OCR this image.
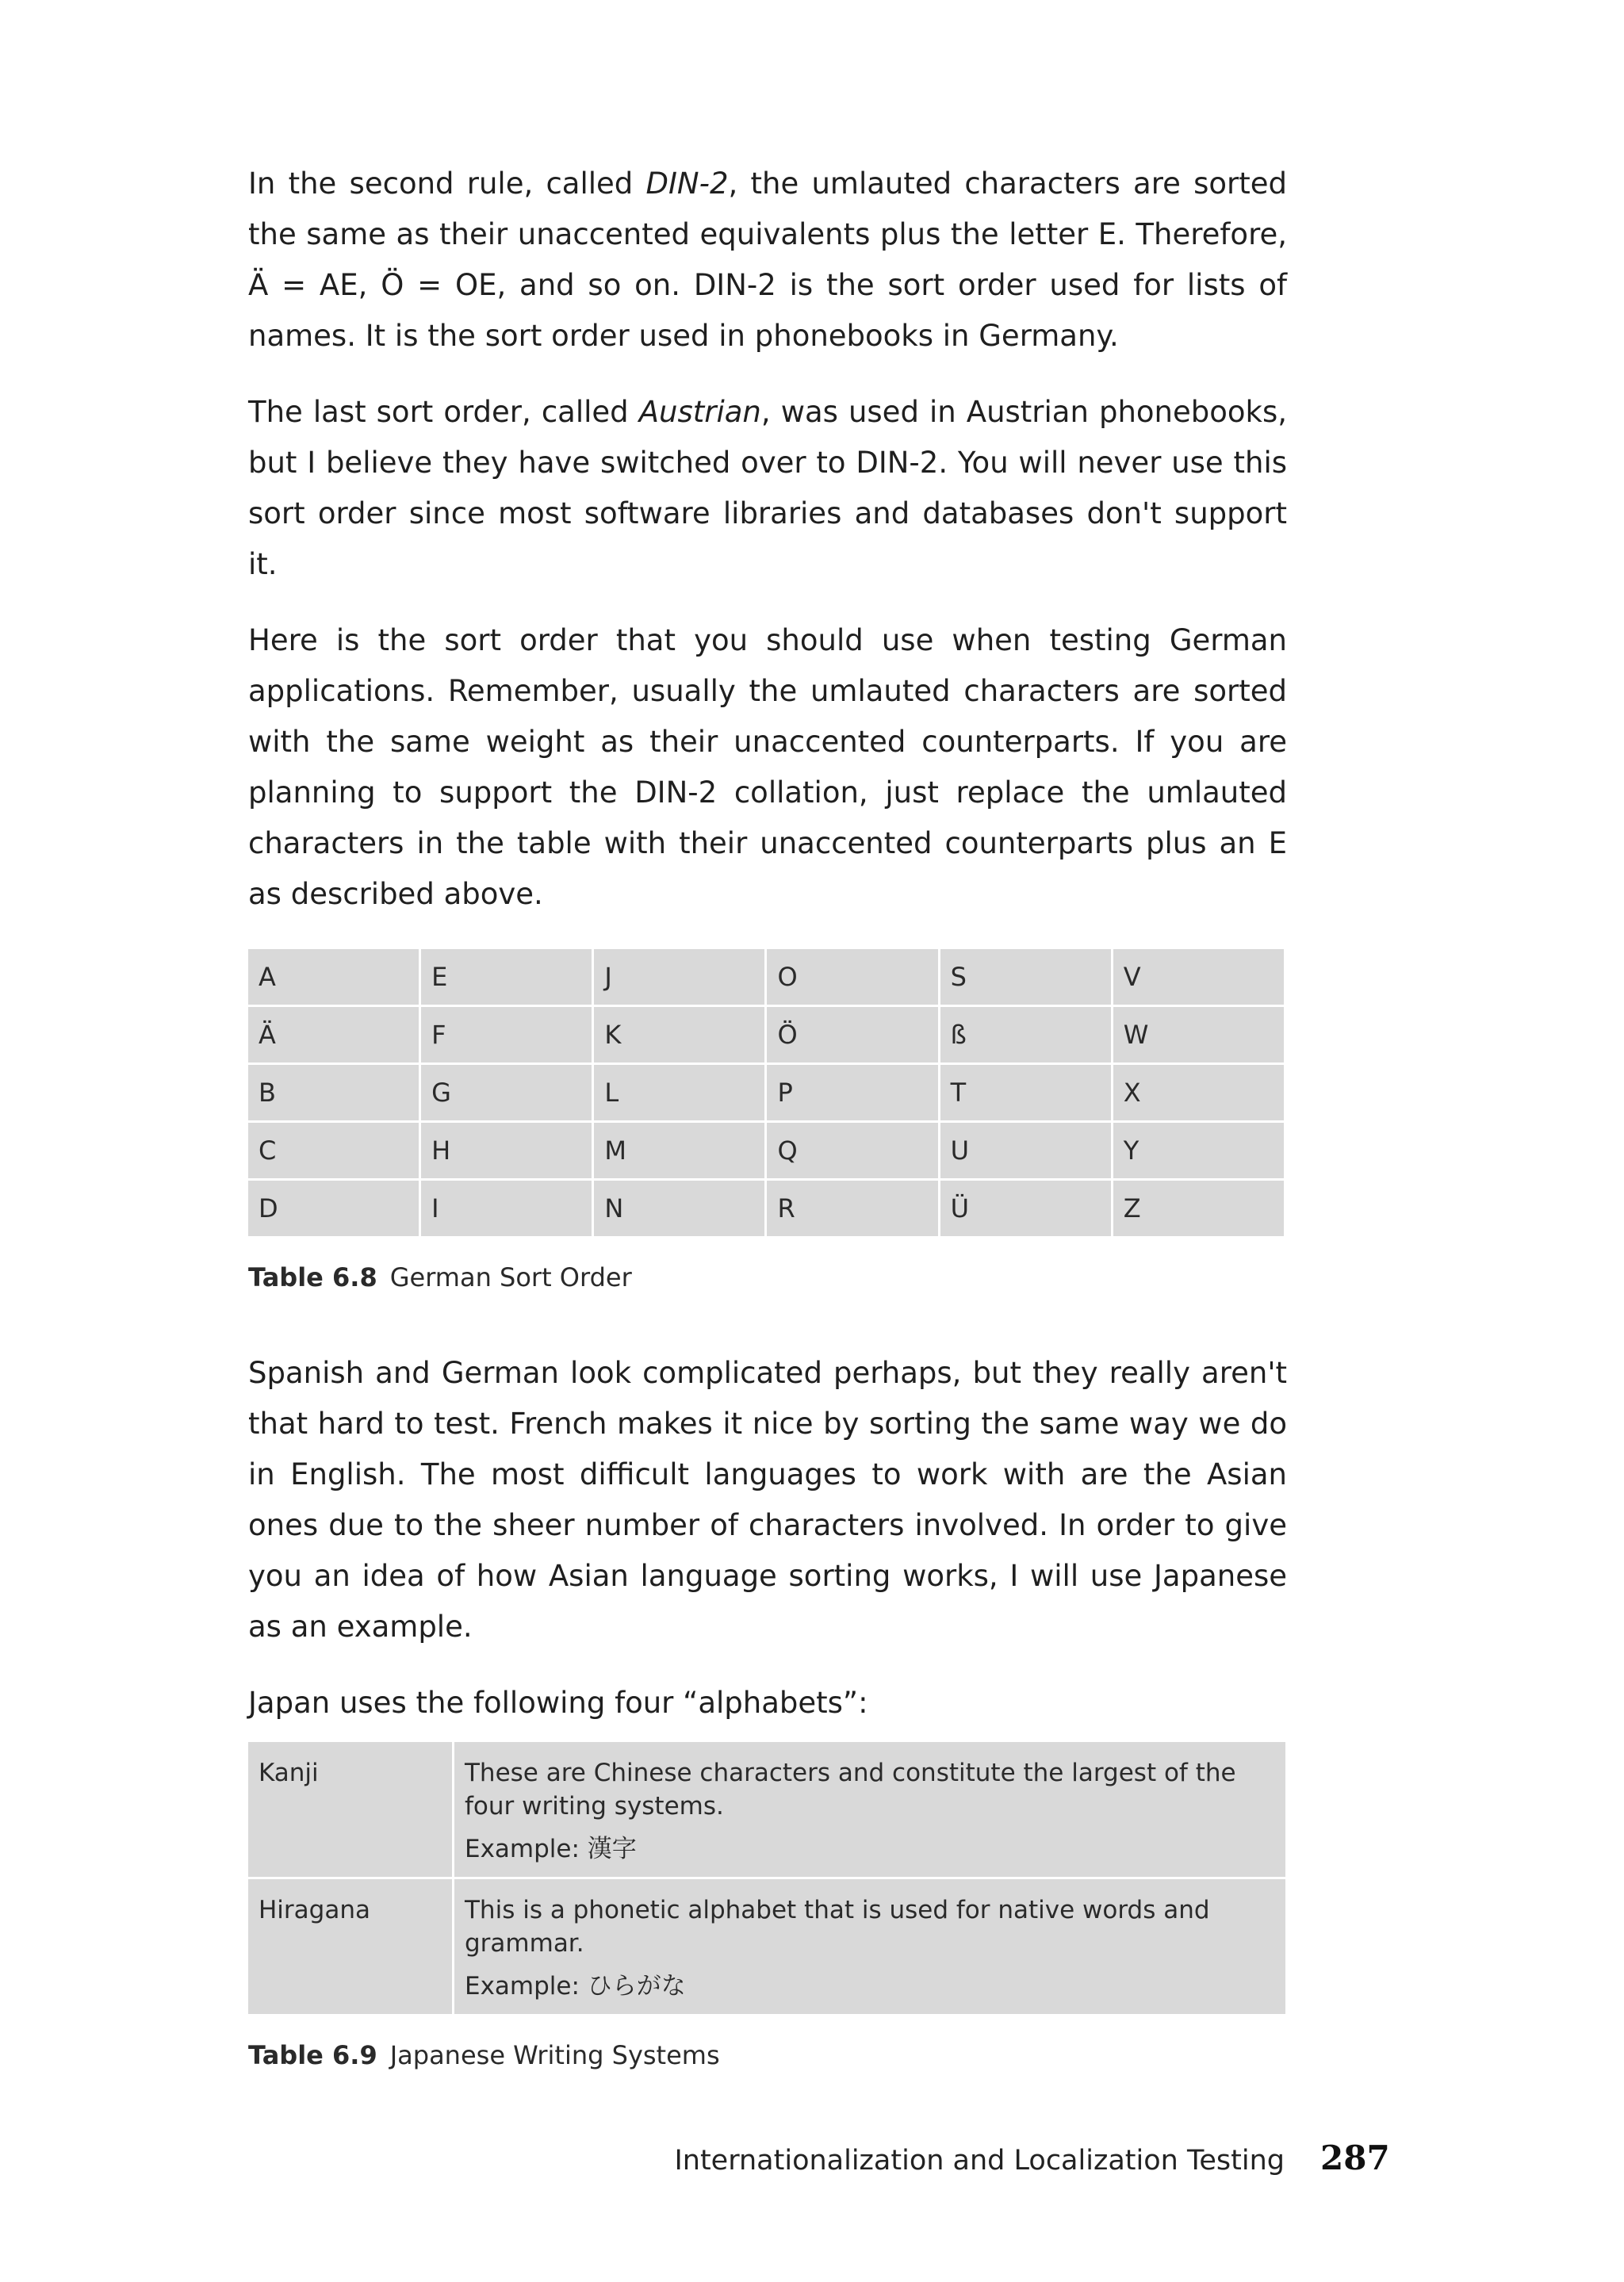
In the second rule, called DIN-2, the umlauted characters are sorted the same as their unaccented equivalents plus the letter E. Therefore, Ä = AE, Ö = OE, and so on. DIN-2 is the sort order used for lists of names. It is the sort order used in phonebooks in Germany.

The last sort order, called Austrian, was used in Austrian phonebooks, but I believe they have switched over to DIN-2. You will never use this sort order since most software libraries and databases don't support it.

Here is the sort order that you should use when testing German applications. Remember, usually the umlauted characters are sorted with the same weight as their unaccented counterparts. If you are planning to support the DIN-2 collation, just replace the umlauted characters in the table with their unaccented counterparts plus an E as described above.

A	E	J	O	S	V
Ä	F	K	Ö	ß	W
B	G	L	P	T	X
C	H	M	Q	U	Y
D	I	N	R	Ü	Z
Table 6.8 German Sort Order

Spanish and German look complicated perhaps, but they really aren't that hard to test. French makes it nice by sorting the same way we do in English. The most difficult languages to work with are the Asian ones due to the sheer number of characters involved. In order to give you an idea of how Asian language sorting works, I will use Japanese as an example.

Japan uses the following four “alphabets”:

Kanji	These are Chinese characters and constitute the largest of the four writing systems.
Example: 漢字

Hiragana	This is a phonetic alphabet that is used for native words and grammar.
Example: ひらがな
Table 6.9 Japanese Writing Systems
Internationalization and Localization Testing 287
